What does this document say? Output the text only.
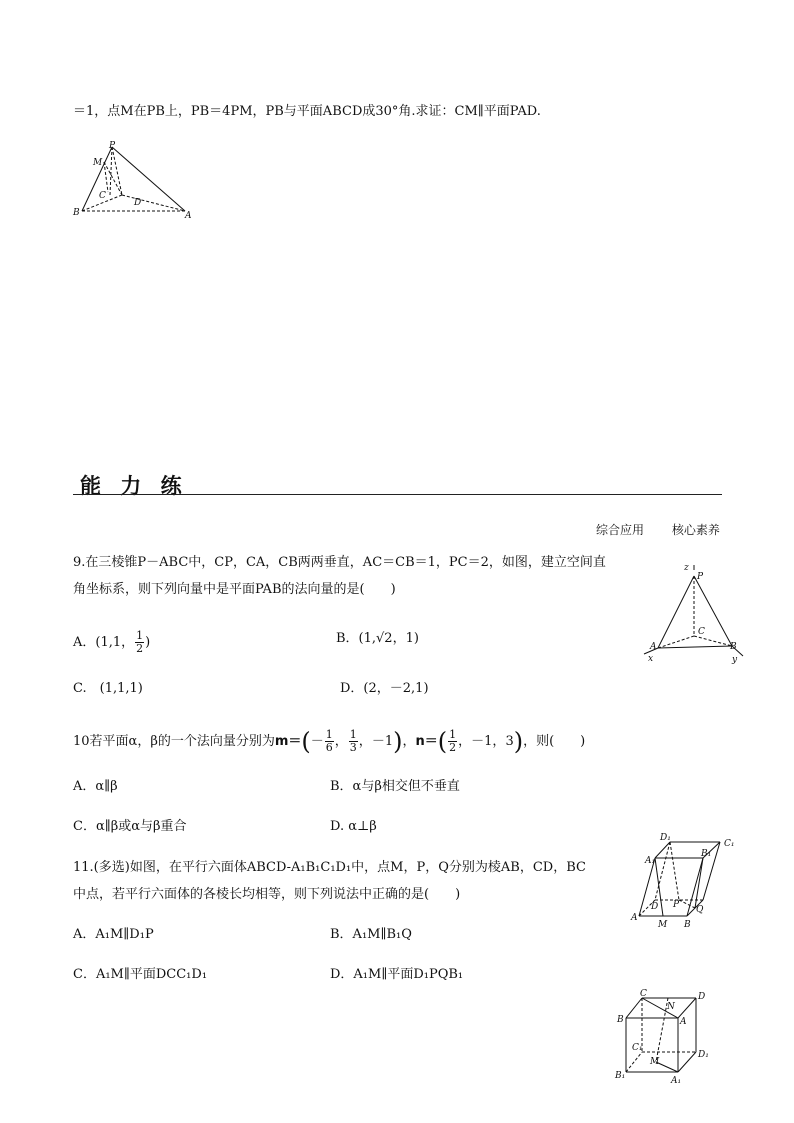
＝1，点M在PB上，PB＝4PM，PB与平面ABCD成30°角.求证：CM∥平面PAD.
P
M
C
D
B	A
能 力 练
综合应用 核心素养
9.在三棱锥P－ABC中，CP，CA，CB两两垂直，AC＝CB＝1，PC＝2，如图，建立空间直
角坐标系，则下列向量中是平面PAB的法向量的是(　　)
A．(1,1， $\frac{1}{2}$ )	B．(1,√2，1)
C.　(1,1,1)	D．(2，－2,1)
z
P
C
A	B
x	y
10若平面α，β的一个法向量分别为$m=(- \frac{1}{6}$ ， $\frac{1}{3}$ ，－1)，$n=( \frac{1}{2}$ ，－1，3)，则(　　)
A．α∥β	B．α与β相交但不垂直
C．α∥β或α与β重合	D. α⊥β
11.(多选)如图，在平行六面体ABCD-A₁B₁C₁D₁中，点M，P，Q分别为棱AB，CD，BC
中点，若平行六面体的各棱长均相等，则下列说法中正确的是(　　)
A．A₁M∥D₁P	B．A₁M∥B₁Q
C．A₁M∥平面DCC₁D₁	D．A₁M∥平面D₁PQB₁
D₁
C₁
A₁
B₁
D P Q
A
M B
C
N
D
B	A
C₁
D₁
M
B₁	A₁
